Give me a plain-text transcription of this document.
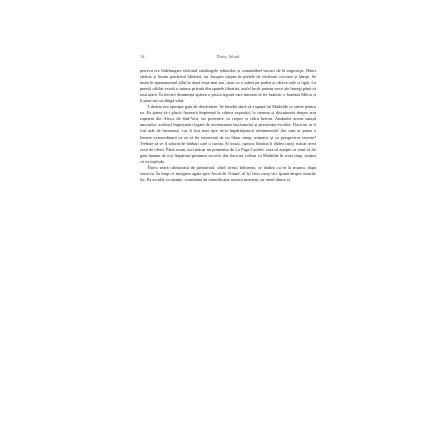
14	Daisy Wood

petrecu ore îndelungate răsfoind cataloagele editorilor și comandând stocuri de la angrosişti. Henri șlefuia și lăcuia parchetul librăriei, iar Jacques cârpea în pielele de vechituri covoare și lămpi. Se mută în apartamentul aflat la două etaje mai sus, doar cu o saltea pe podea și câteva oale și tigăi. La pereții căldiri există o intrare privată din spatele librăriei, astfel încât puteau trece ale întregi până să iasă afară. În fiecare dimineață apărea o pisică tigrată care mieuna să fie hrănită; o botează Milou și îi puse un coș lângă sobă.

Librăria era aproape gata de deschidere. Se întrebă dacă să-i spună lui Mathilde ce simte pentru ea. Ea părea să-i placă; fuseseră împreună la câteva expoziții, la cinema și discutaseră despre arta rupestră din Africa de Sud-Vest, iar povestire cu crepes și cidru breton. Amândoi aveau simțul umorului, aceleași împrejurări legate de ascensiunea fascismului și persecuția evreilor. Dacă nu ar fi fost atât de frumoasă, i-ar fi fost mai ușor să-și împărtășească sentimentele, dar cum ar putea o femeie extraordinară ca ea să fie interesată de un librar miop, astmatic și cu perspective incerte? Trebuie să se fi săturat de bărbați care o curtau. Și totuși, cumva, librăria îi dădea curaj: măcar avea ceva de oferit. Până acum, nici măcar nu pomenise de La Page Cachée, voia să aștepte ca totul să fie gata înainte de a-și împărtăși pasiunea secretă, dar dacă nu vorbea cu Mathilde în scurt timp, simțea că va exploda.

Într-o seară călduroasă de primăvară, când cireșii înfloreau, se întâlni cu ea la muzeu, după serviciu. În timp ce mergeau agale spre Arcul de Triumf, el își făcu curaj să-i spună despre visurile lui. Ea ascultă cu atenție, constientă de semnificația acestui moment, iar aerul dintre ei
